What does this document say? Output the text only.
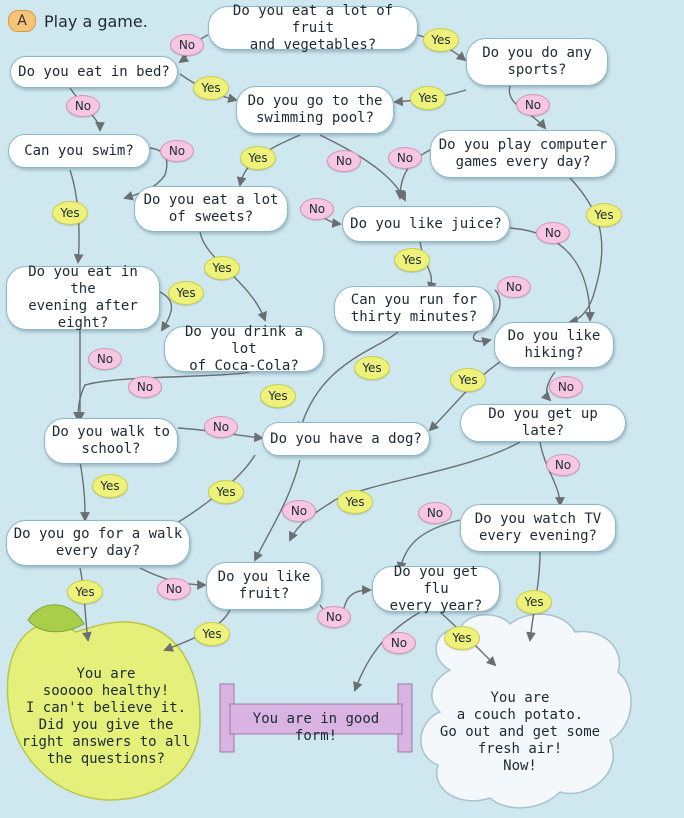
A	Play a game.
Do you eat a lot of fruit
and vegetables?
Do you eat in bed?
Do you do any
sports?
Do you go to the
swimming pool?
Can you swim?	Do you play computer
games every day?
Do you eat a lot
of sweets?	Do you like juice?
Do you eat in the
evening after
eight?
Can you run for
thirty minutes?
Do you drink a lot
of Coca-Cola?
Do you like
hiking?
Do you walk to
school?
Do you have a dog?
Do you get up late?
Do you go for a walk
every day?
Do you watch TV
every evening?
Do you like
fruit?
Do you get flu
every year?
No	Yes
Yes
Yes
No	No
No	Yes	No	No
Yes	No	Yes
No
Yes
Yes
No
Yes
No
Yes
No	Yes	No
Yes
No
No
Yes	Yes
Yes
No	No
No
Yes
Yes
No
Yes
No	Yes
You are
sooooo healthy!
I can't believe it.
Did you give the
right answers to all
the questions?
You are in good form!
You are
a couch potato.
Go out and get some
fresh air!
Now!
